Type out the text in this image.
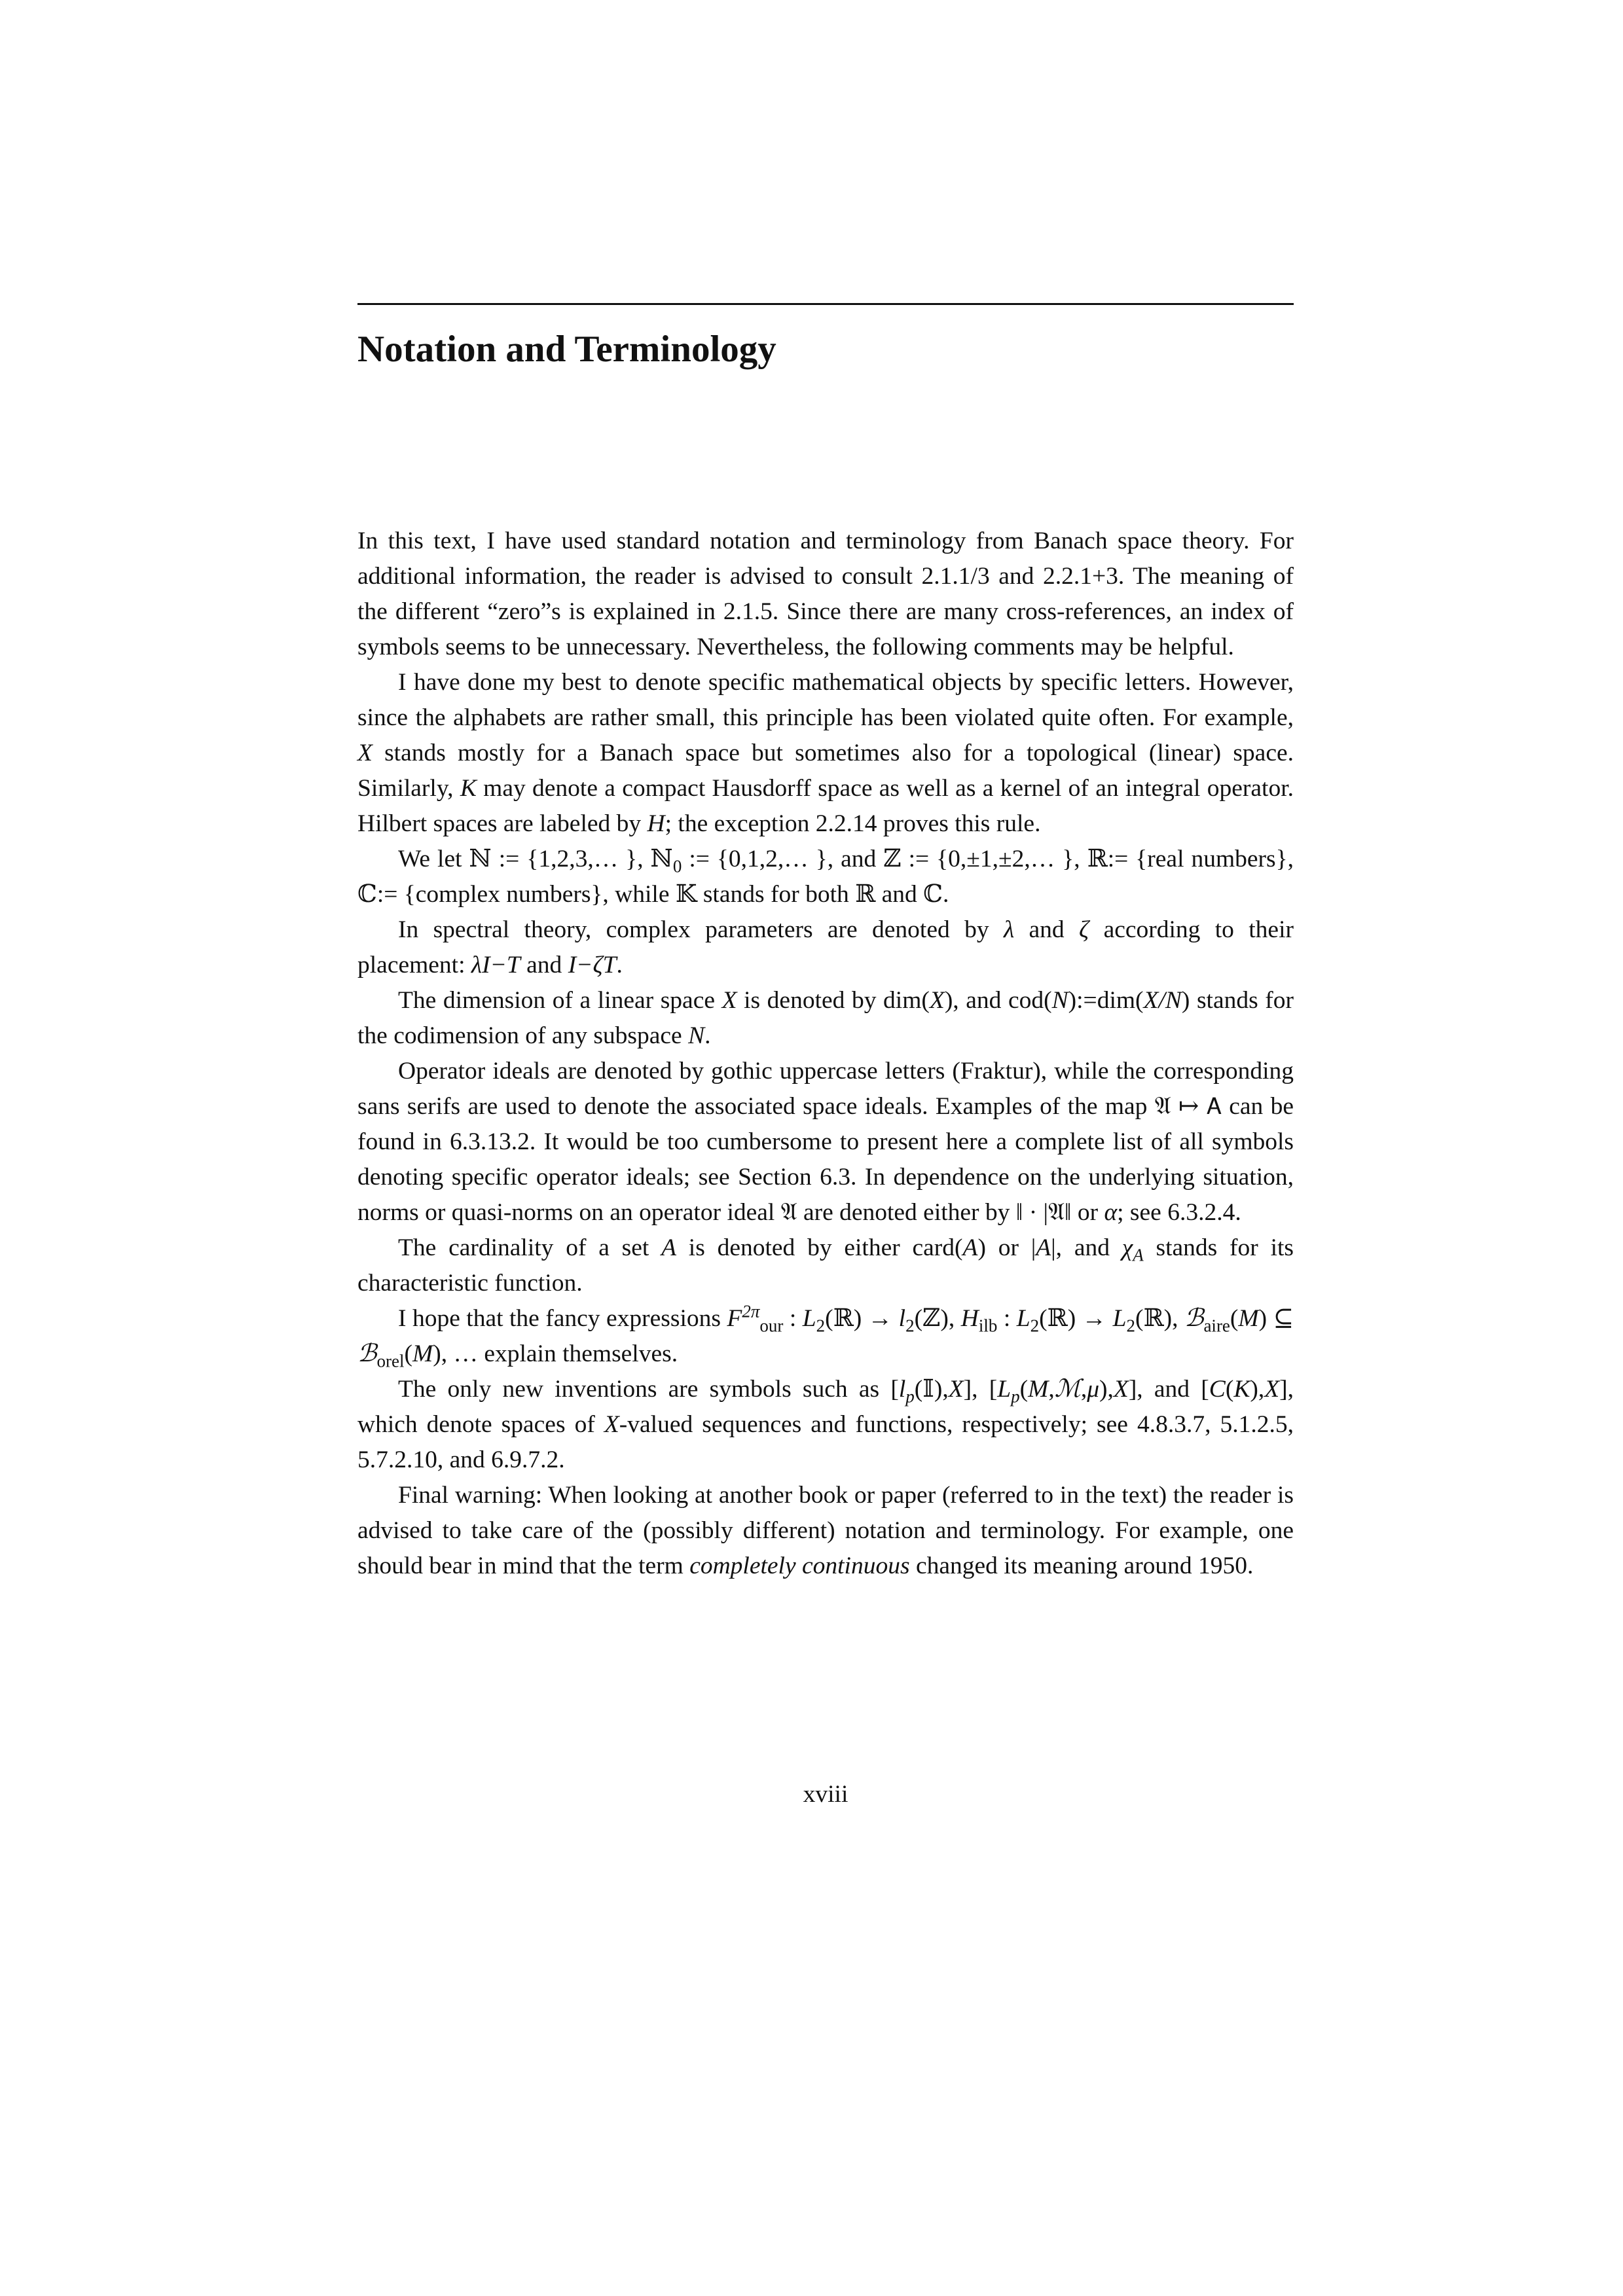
Notation and Terminology

In this text, I have used standard notation and terminology from Banach space theory. For additional information, the reader is advised to consult 2.1.1/3 and 2.2.1+3. The meaning of the different “zero”s is explained in 2.1.5. Since there are many cross-references, an index of symbols seems to be unnecessary. Nevertheless, the following comments may be helpful.

I have done my best to denote specific mathematical objects by specific letters. However, since the alphabets are rather small, this principle has been violated quite often. For example, X stands mostly for a Banach space but sometimes also for a topological (linear) space. Similarly, K may denote a compact Hausdorff space as well as a kernel of an integral operator. Hilbert spaces are labeled by H; the exception 2.2.14 proves this rule.

We let ℕ := {1,2,3,… }, ℕ$_0$ := {0,1,2,… }, and ℤ := {0,±1,±2,… }, ℝ:= {real numbers}, ℂ:= {complex numbers}, while 𝕂 stands for both ℝ and ℂ.

In spectral theory, complex parameters are denoted by λ and ζ according to their placement: λI−T and I−ζT.

The dimension of a linear space X is denoted by dim(X), and cod(N):=dim(X/N) stands for the codimension of any subspace N.

Operator ideals are denoted by gothic uppercase letters (Fraktur), while the corresponding sans serifs are used to denote the associated space ideals. Examples of the map 𝔄 ↦ 𝖠 can be found in 6.3.13.2. It would be too cumbersome to present here a complete list of all symbols denoting specific operator ideals; see Section 6.3. In dependence on the underlying situation, norms or quasi-norms on an operator ideal 𝔄 are denoted either by ‖ · |𝔄‖ or α; see 6.3.2.4.

The cardinality of a set A is denoted by either card(A) or |A|, and $\chi_A$ stands for its characteristic function.

I hope that the fancy expressions $F^{2\pi}_{our}$ : $L_2(ℝ)$ → $l_2(ℤ)$, $H_{ilb}$ : $L_2(ℝ)$ → $L_2(ℝ)$, ℬ$_{aire}$(M) ⊆ ℬ$_{orel}$(M), … explain themselves.

The only new inventions are symbols such as $[l_p(𝕀),X]$, $[L_p(M,ℳ,\mu),X]$, and [C(K),X], which denote spaces of X-valued sequences and functions, respectively; see 4.8.3.7, 5.1.2.5, 5.7.2.10, and 6.9.7.2.

Final warning: When looking at another book or paper (referred to in the text) the reader is advised to take care of the (possibly different) notation and terminology. For example, one should bear in mind that the term completely continuous changed its meaning around 1950.

xviii
